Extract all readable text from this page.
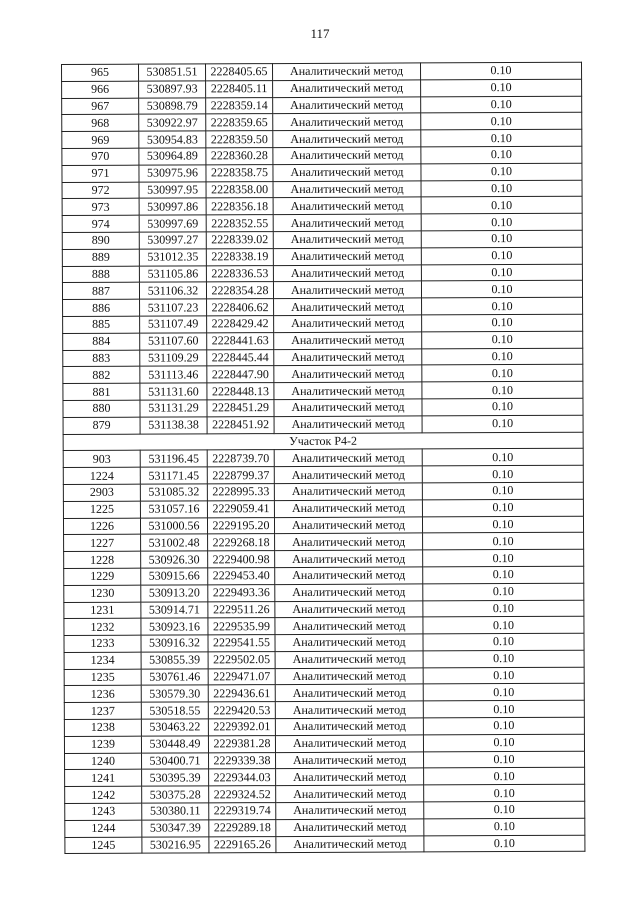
117
965	530851.51	2228405.65	Аналитический метод	0.10
966	530897.93	2228405.11	Аналитический метод	0.10
967	530898.79	2228359.14	Аналитический метод	0.10
968	530922.97	2228359.65	Аналитический метод	0.10
969	530954.83	2228359.50	Аналитический метод	0.10
970	530964.89	2228360.28	Аналитический метод	0.10
971	530975.96	2228358.75	Аналитический метод	0.10
972	530997.95	2228358.00	Аналитический метод	0.10
973	530997.86	2228356.18	Аналитический метод	0.10
974	530997.69	2228352.55	Аналитический метод	0.10
890	530997.27	2228339.02	Аналитический метод	0.10
889	531012.35	2228338.19	Аналитический метод	0.10
888	531105.86	2228336.53	Аналитический метод	0.10
887	531106.32	2228354.28	Аналитический метод	0.10
886	531107.23	2228406.62	Аналитический метод	0.10
885	531107.49	2228429.42	Аналитический метод	0.10
884	531107.60	2228441.63	Аналитический метод	0.10
883	531109.29	2228445.44	Аналитический метод	0.10
882	531113.46	2228447.90	Аналитический метод	0.10
881	531131.60	2228448.13	Аналитический метод	0.10
880	531131.29	2228451.29	Аналитический метод	0.10
879	531138.38	2228451.92	Аналитический метод	0.10
Участок Р4-2				
903	531196.45	2228739.70	Аналитический метод	0.10
1224	531171.45	2228799.37	Аналитический метод	0.10
2903	531085.32	2228995.33	Аналитический метод	0.10
1225	531057.16	2229059.41	Аналитический метод	0.10
1226	531000.56	2229195.20	Аналитический метод	0.10
1227	531002.48	2229268.18	Аналитический метод	0.10
1228	530926.30	2229400.98	Аналитический метод	0.10
1229	530915.66	2229453.40	Аналитический метод	0.10
1230	530913.20	2229493.36	Аналитический метод	0.10
1231	530914.71	2229511.26	Аналитический метод	0.10
1232	530923.16	2229535.99	Аналитический метод	0.10
1233	530916.32	2229541.55	Аналитический метод	0.10
1234	530855.39	2229502.05	Аналитический метод	0.10
1235	530761.46	2229471.07	Аналитический метод	0.10
1236	530579.30	2229436.61	Аналитический метод	0.10
1237	530518.55	2229420.53	Аналитический метод	0.10
1238	530463.22	2229392.01	Аналитический метод	0.10
1239	530448.49	2229381.28	Аналитический метод	0.10
1240	530400.71	2229339.38	Аналитический метод	0.10
1241	530395.39	2229344.03	Аналитический метод	0.10
1242	530375.28	2229324.52	Аналитический метод	0.10
1243	530380.11	2229319.74	Аналитический метод	0.10
1244	530347.39	2229289.18	Аналитический метод	0.10
1245	530216.95	2229165.26	Аналитический метод	0.10
